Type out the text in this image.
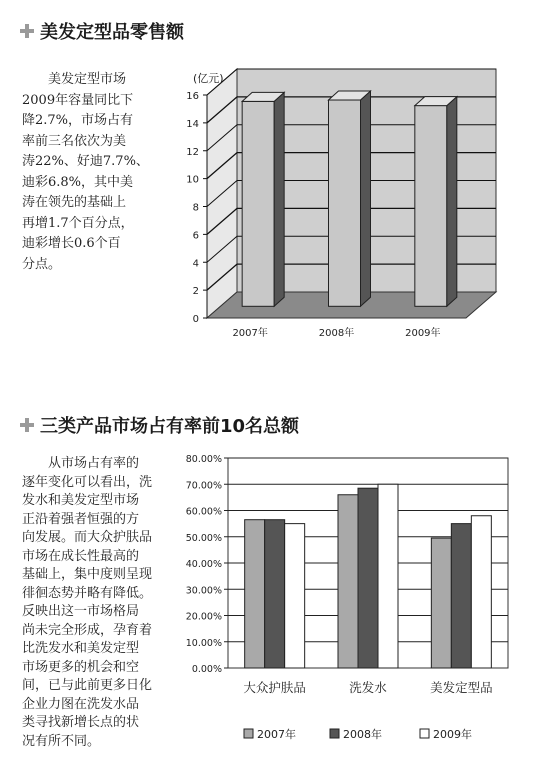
美发定型品零售额
　　美发定型市场
2009年容量同比下
降2.7%，市场占有
率前三名依次为美
涛22%、好迪7.7%、
迪彩6.8%，其中美
涛在领先的基础上
再增1.7个百分点，
迪彩增长0.6个百
分点。
三类产品市场占有率前10名总额
　　从市场占有率的
逐年变化可以看出，洗
发水和美发定型市场
正沿着强者恒强的方
向发展。而大众护肤品
市场在成长性最高的
基础上，集中度则呈现
徘徊态势并略有降低。
反映出这一市场格局
尚未完全形成，孕育着
比洗发水和美发定型
市场更多的机会和空
间，已与此前更多日化
企业力图在洗发水品
类寻找新增长点的状
况有所不同。
0
2
4
6
8
10
12
14
16
(亿元)
2007年	2008年	2009年
0.00%
10.00%
20.00%
30.00%
40.00%
50.00%
60.00%
70.00%
80.00%
大众护肤品	洗发水	美发定型品
2007年	2008年	2009年
